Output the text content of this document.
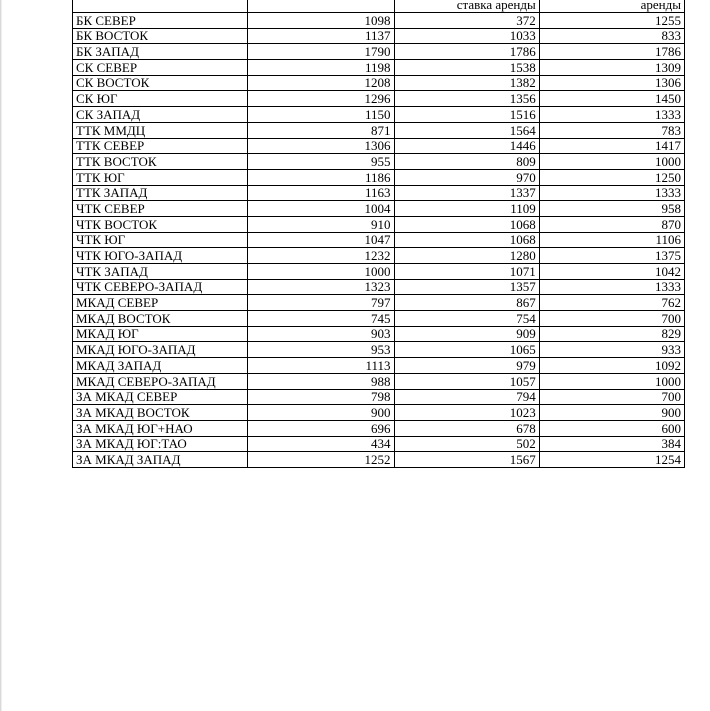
		ставка аренды	аренды
БК СЕВЕР	1098	372	1255
БК ВОСТОК	1137	1033	833
БК ЗАПАД	1790	1786	1786
СК СЕВЕР	1198	1538	1309
СК ВОСТОК	1208	1382	1306
СК ЮГ	1296	1356	1450
СК ЗАПАД	1150	1516	1333
ТТК ММДЦ	871	1564	783
ТТК СЕВЕР	1306	1446	1417
ТТК ВОСТОК	955	809	1000
ТТК ЮГ	1186	970	1250
ТТК ЗАПАД	1163	1337	1333
ЧТК СЕВЕР	1004	1109	958
ЧТК ВОСТОК	910	1068	870
ЧТК ЮГ	1047	1068	1106
ЧТК ЮГО-ЗАПАД	1232	1280	1375
ЧТК ЗАПАД	1000	1071	1042
ЧТК СЕВЕРО-ЗАПАД	1323	1357	1333
МКАД СЕВЕР	797	867	762
МКАД ВОСТОК	745	754	700
МКАД ЮГ	903	909	829
МКАД ЮГО-ЗАПАД	953	1065	933
МКАД ЗАПАД	1113	979	1092
МКАД СЕВЕРО-ЗАПАД	988	1057	1000
ЗА МКАД СЕВЕР	798	794	700
ЗА МКАД ВОСТОК	900	1023	900
ЗА МКАД ЮГ+НАО	696	678	600
ЗА МКАД ЮГ:ТАО	434	502	384
ЗА МКАД ЗАПАД	1252	1567	1254
